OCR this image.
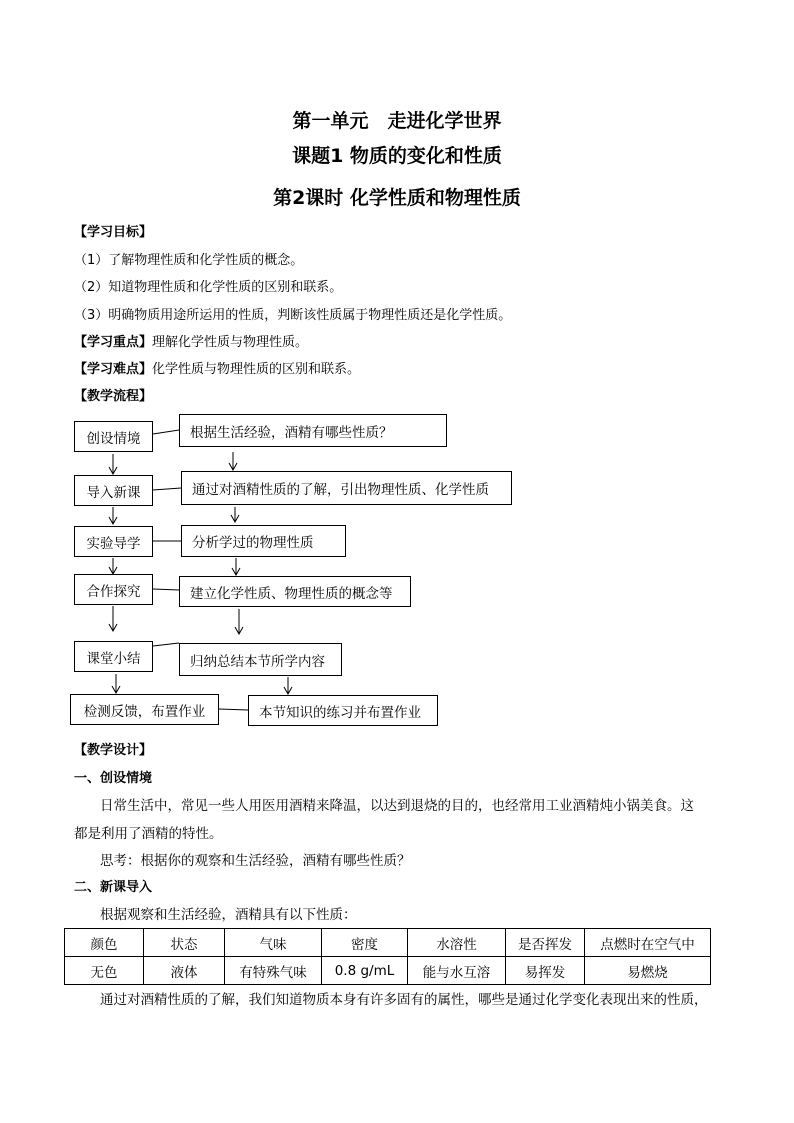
第一单元　走进化学世界
课题1 物质的变化和性质
第2课时 化学性质和物理性质
【学习目标】
（1）了解物理性质和化学性质的概念。
（2）知道物理性质和化学性质的区别和联系。
（3）明确物质用途所运用的性质，判断该性质属于物理性质还是化学性质。
【学习重点】理解化学性质与物理性质。
【学习难点】化学性质与物理性质的区别和联系。
【教学流程】
创设情境
导入新课
实验导学
合作探究
课堂小结
检测反馈，布置作业
根据生活经验，酒精有哪些性质？
通过对酒精性质的了解，引出物理性质、化学性质
分析学过的物理性质
建立化学性质、物理性质的概念等
归纳总结本节所学内容
本节知识的练习并布置作业
【教学设计】
一、创设情境
日常生活中，常见一些人用医用酒精来降温，以达到退烧的目的，也经常用工业酒精炖小锅美食。这
都是利用了酒精的特性。
思考：根据你的观察和生活经验，酒精有哪些性质？
二、新课导入
根据观察和生活经验，酒精具有以下性质：
颜色	状态	气味	密度	水溶性	是否挥发	点燃时在空气中
无色	液体	有特殊气味	0.8 g/mL	能与水互溶	易挥发	易燃烧
通过对酒精性质的了解，我们知道物质本身有许多固有的属性，哪些是通过化学变化表现出来的性质，
